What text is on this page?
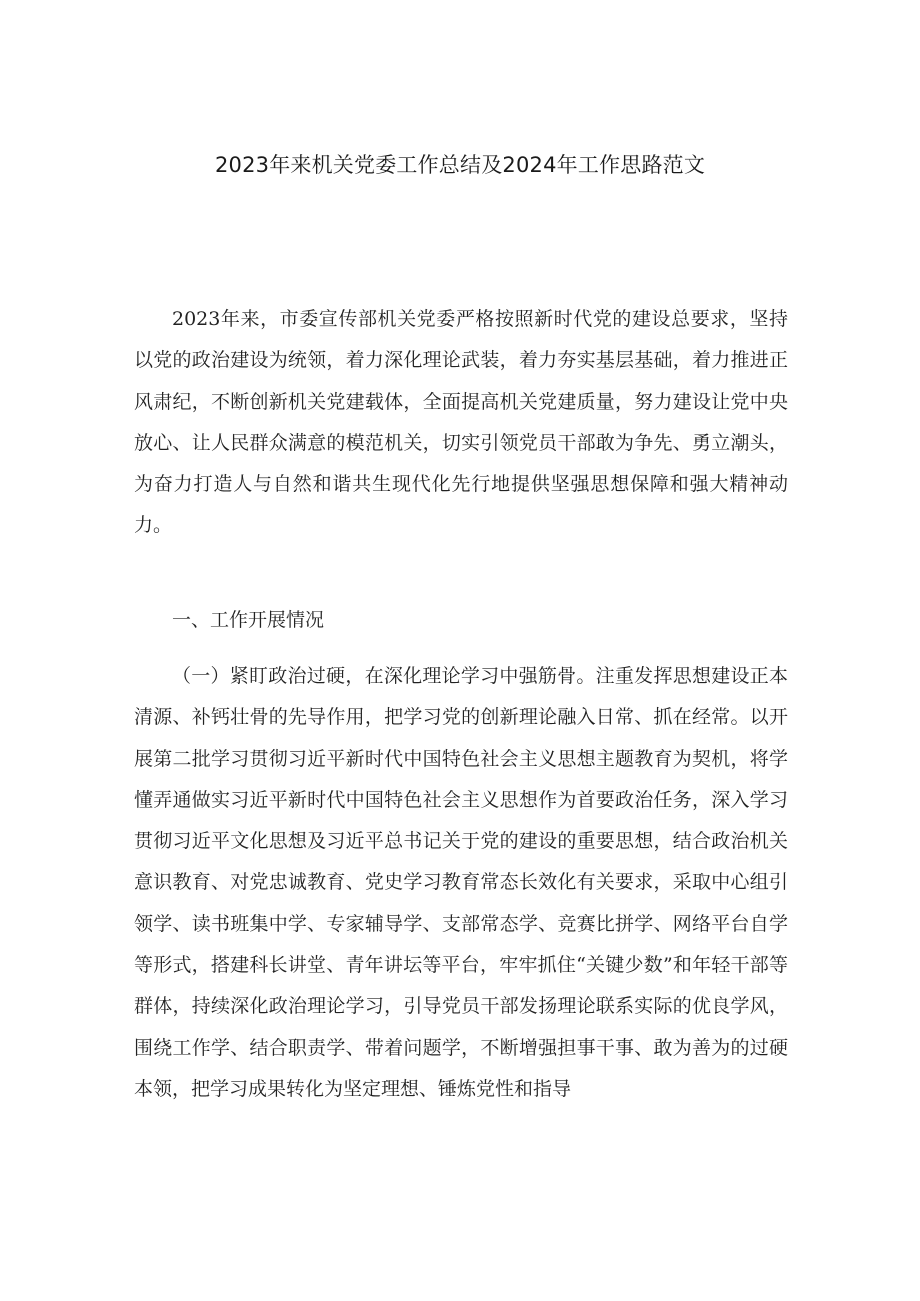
2023年来机关党委工作总结及2024年工作思路范文

2023年来，市委宣传部机关党委严格按照新时代党的建设总要求，坚持以党的政治建设为统领，着力深化理论武装，着力夯实基层基础，着力推进正风肃纪，不断创新机关党建载体，全面提高机关党建质量，努力建设让党中央放心、让人民群众满意的模范机关，切实引领党员干部敢为争先、勇立潮头，为奋力打造人与自然和谐共生现代化先行地提供坚强思想保障和强大精神动力。

一、工作开展情况

（一）紧盯政治过硬，在深化理论学习中强筋骨。注重发挥思想建设正本清源、补钙壮骨的先导作用，把学习党的创新理论融入日常、抓在经常。以开展第二批学习贯彻习近平新时代中国特色社会主义思想主题教育为契机，将学懂弄通做实习近平新时代中国特色社会主义思想作为首要政治任务，深入学习贯彻习近平文化思想及习近平总书记关于党的建设的重要思想，结合政治机关意识教育、对党忠诚教育、党史学习教育常态长效化有关要求，采取中心组引领学、读书班集中学、专家辅导学、支部常态学、竞赛比拼学、网络平台自学等形式，搭建科长讲堂、青年讲坛等平台，牢牢抓住“关键少数”和年轻干部等群体，持续深化政治理论学习，引导党员干部发扬理论联系实际的优良学风，围绕工作学、结合职责学、带着问题学，不断增强担事干事、敢为善为的过硬本领，把学习成果转化为坚定理想、锤炼党性和指导
